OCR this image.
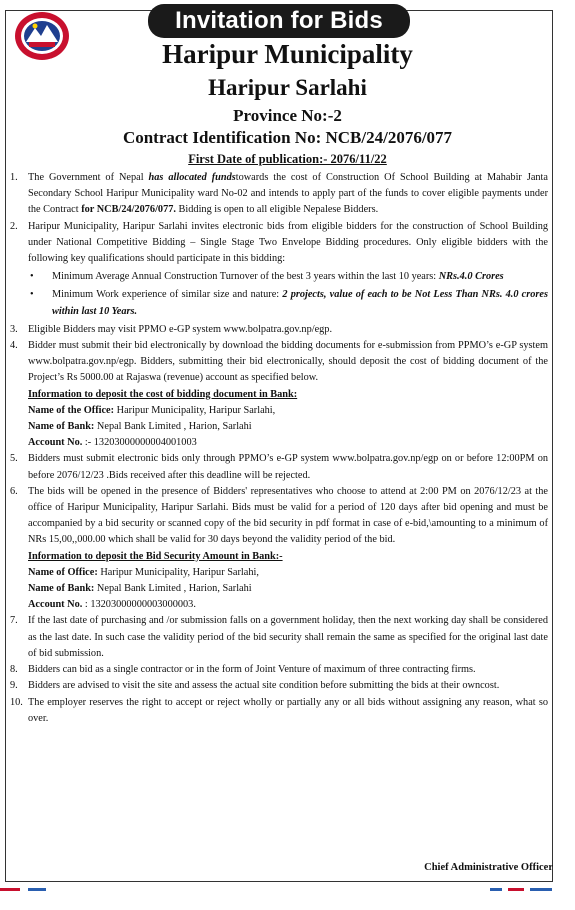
Invitation for Bids
Haripur Municipality
Haripur Sarlahi
Province No:-2
Contract Identification No: NCB/24/2076/077
First Date of publication:- 2076/11/22
1. The Government of Nepal has allocated fundstowards the cost of Construction Of School Building at Mahabir Janta Secondary School Haripur Municipality ward No-02 and intends to apply part of the funds to cover eligible payments under the Contract for NCB/24/2076/077. Bidding is open to all eligible Nepalese Bidders.
2. Haripur Municipality, Haripur Sarlahi invites electronic bids from eligible bidders for the construction of School Building under National Competitive Bidding – Single Stage Two Envelope Bidding procedures. Only eligible bidders with the following key qualifications should participate in this bidding:
• Minimum Average Annual Construction Turnover of the best 3 years within the last 10 years: NRs.4.0 Crores
• Minimum Work experience of similar size and nature: 2 projects, value of each to be Not Less Than NRs. 4.0 crores within last 10 Years.
3. Eligible Bidders may visit PPMO e-GP system www.bolpatra.gov.np/egp.
4. Bidder must submit their bid electronically by download the bidding documents for e-submission from PPMO’s e-GP system www.bolpatra.gov.np/egp. Bidders, submitting their bid electronically, should deposit the cost of bidding document of the Project’s Rs 5000.00 at Rajaswa (revenue) account as specified below.
Information to deposit the cost of bidding document in Bank:
Name of the Office: Haripur Municipality, Haripur Sarlahi,
Name of Bank: Nepal Bank Limited , Harion, Sarlahi
Account No. :- 13203000000004001003
5. Bidders must submit electronic bids only through PPMO’s e-GP system www.bolpatra.gov.np/egp on or before 12:00PM on before 2076/12/23 .Bids received after this deadline will be rejected.
6. The bids will be opened in the presence of Bidders' representatives who choose to attend at 2:00 PM on 2076/12/23 at the office of Haripur Municipality, Haripur Sarlahi. Bids must be valid for a period of 120 days after bid opening and must be accompanied by a bid security or scanned copy of the bid security in pdf format in case of e-bid,\amounting to a minimum of NRs 15,00,,000.00 which shall be valid for 30 days beyond the validity period of the bid.
Information to deposit the Bid Security Amount in Bank:-
Name of Office: Haripur Municipality, Haripur Sarlahi,
Name of Bank: Nepal Bank Limited , Harion, Sarlahi
Account No. : 13203000000003000003.
7. If the last date of purchasing and /or submission falls on a government holiday, then the next working day shall be considered as the last date. In such case the validity period of the bid security shall remain the same as specified for the original last date of bid submission.
8. Bidders can bid as a single contractor or in the form of Joint Venture of maximum of three contracting firms.
9. Bidders are advised to visit the site and assess the actual site condition before submitting the bids at their owncost.
10. The employer reserves the right to accept or reject wholly or partially any or all bids without assigning any reason, what so over.
Chief Administrative Officer
